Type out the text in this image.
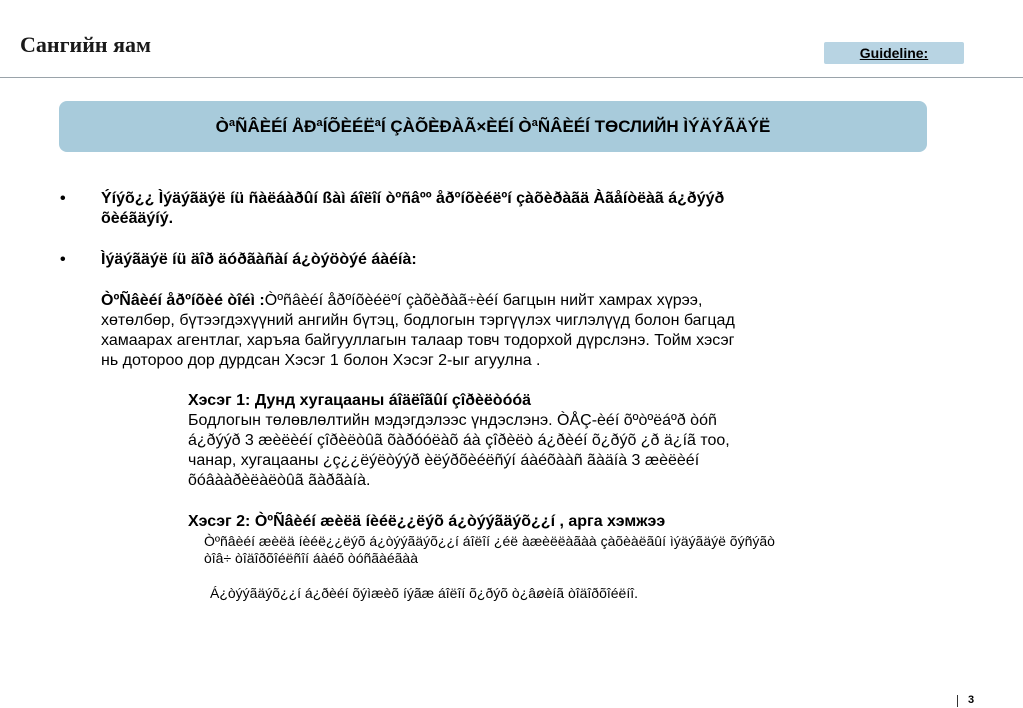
Сангийн яам	Guideline:
ÒªÑÂÈÉÍ ÅÐªÍÕÈÉËªÍ ÇÀÕÈÐÀÃ×ÈÉÍ ÒªÑÂÈÉÍ ТӨСЛИЙН ÌÝÄÝÃÄÝË
• Ýíýõ¿¿ Ìýäýãäýë íü ñàëáàðûí ßàì áîëîí òºñâºº åðºíõèéëºí çàõèðàãä Àãåíòëàã á¿ðýýð
õèéãäýíý.
• Ìýäýãäýë íü äîð äóðãàñàí á¿òýöòýé áàéíà:
ÒºÑâèéí åðºíõèé òîéì :Òºñâèéí åðºíõèéëºí çàõèðàã÷èéí багцын нийт хамрах хүрээ,
хөтөлбөр, бүтээгдэхүүний ангийн бүтэц, бодлогын тэргүүлэх чиглэлүүд болон багцад
хамаарах агентлаг, харъяа байгууллагын талаар товч тодорхой дүрслэнэ. Тойм хэсэг
нь дотороо дор дурдсан Хэсэг 1 болон Хэсэг 2-ыг агуулна .
Хэсэг 1: Дунд хугацааны áîäëîãûí çîðèëòóóä
Бодлогын төлөвлөлтийн мэдэгдэлээс үндэслэнэ. ÒÅÇ-èéí õºòºëáºð òóñ
á¿ðýýð 3 æèëèéí çîðèëòûã õàðóóëàõ áà çîðèëò á¿ðèéí õ¿ðýõ ¿ð ä¿íã тоо,
чанар, хугацааны ¿ç¿¿ëýëòýýð èëýðõèéëñýí áàéõààñ ãàäíà 3 æèëèéí
õóâààðèëàëòûã ãàðãàíà.
Хэсэг 2: ÒºÑâèéí æèëä íèéë¿¿ëýõ á¿òýýãäýõ¿¿í , арга хэмжээ
Òºñâèéí æèëä íèéë¿¿ëýõ á¿òýýãäýõ¿¿í áîëîí ¿éë àæèëëàãàà çàõèàëãûí ìýäýãäýë õýñýãò
òîâ÷ òîäîðõîéëñîí áàéõ òóñãàéãàà
Á¿òýýãäýõ¿¿í á¿ðèéí õýìæèõ íýãæ áîëîí õ¿ðýõ ò¿âøèíã òîäîðõîéëíî.
3
